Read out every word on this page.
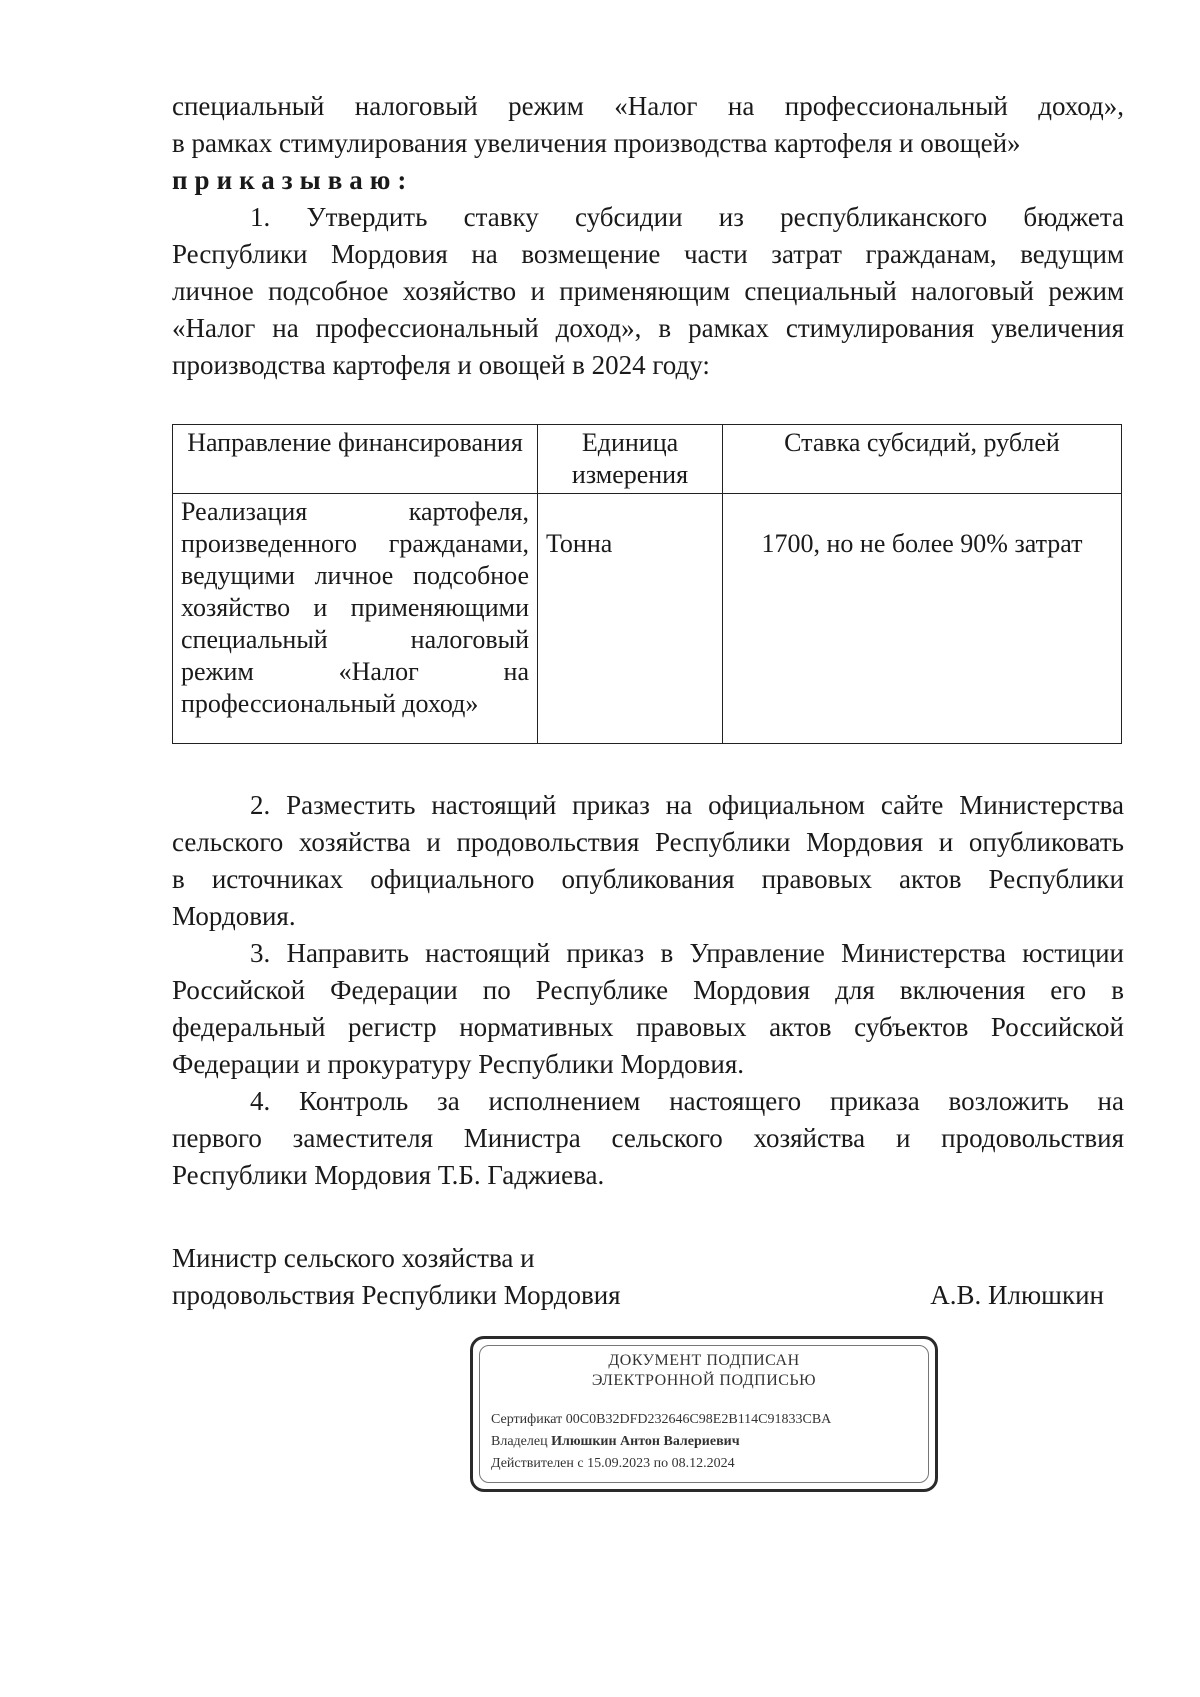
специальный налоговый режим «Налог на профессиональный доход»,
в рамках стимулирования увеличения производства картофеля и овощей»
приказываю:
1. Утвердить ставку субсидии из республиканского бюджета
Республики Мордовия на возмещение части затрат гражданам, ведущим
личное подсобное хозяйство и применяющим специальный налоговый режим
«Налог на профессиональный доход», в рамках стимулирования увеличения
производства картофеля и овощей в 2024 году:
Направление финансирования	Единица измерения	Ставка субсидий, рублей
Реализация картофеля, произведенного гражданами, ведущими личное подсобное хозяйство и применяющими специальный налоговый режим «Налог на профессиональный доход»	Тонна	1700, но не более 90% затрат
2. Разместить настоящий приказ на официальном сайте Министерства
сельского хозяйства и продовольствия Республики Мордовия и опубликовать
в источниках официального опубликования правовых актов Республики
Мордовия.
3. Направить настоящий приказ в Управление Министерства юстиции
Российской Федерации по Республике Мордовия для включения его в
федеральный регистр нормативных правовых актов субъектов Российской
Федерации и прокуратуру Республики Мордовия.
4. Контроль за исполнением настоящего приказа возложить на
первого заместителя Министра сельского хозяйства и продовольствия
Республики Мордовия Т.Б. Гаджиева.
Министр сельского хозяйства и
продовольствия Республики Мордовия	А.В. Илюшкин
ДОКУМЕНТ ПОДПИСАН
ЭЛЕКТРОННОЙ ПОДПИСЬЮ
Сертификат 00C0B32DFD232646C98E2B114C91833CBA
Владелец Илюшкин Антон Валериевич
Действителен с 15.09.2023 по 08.12.2024
